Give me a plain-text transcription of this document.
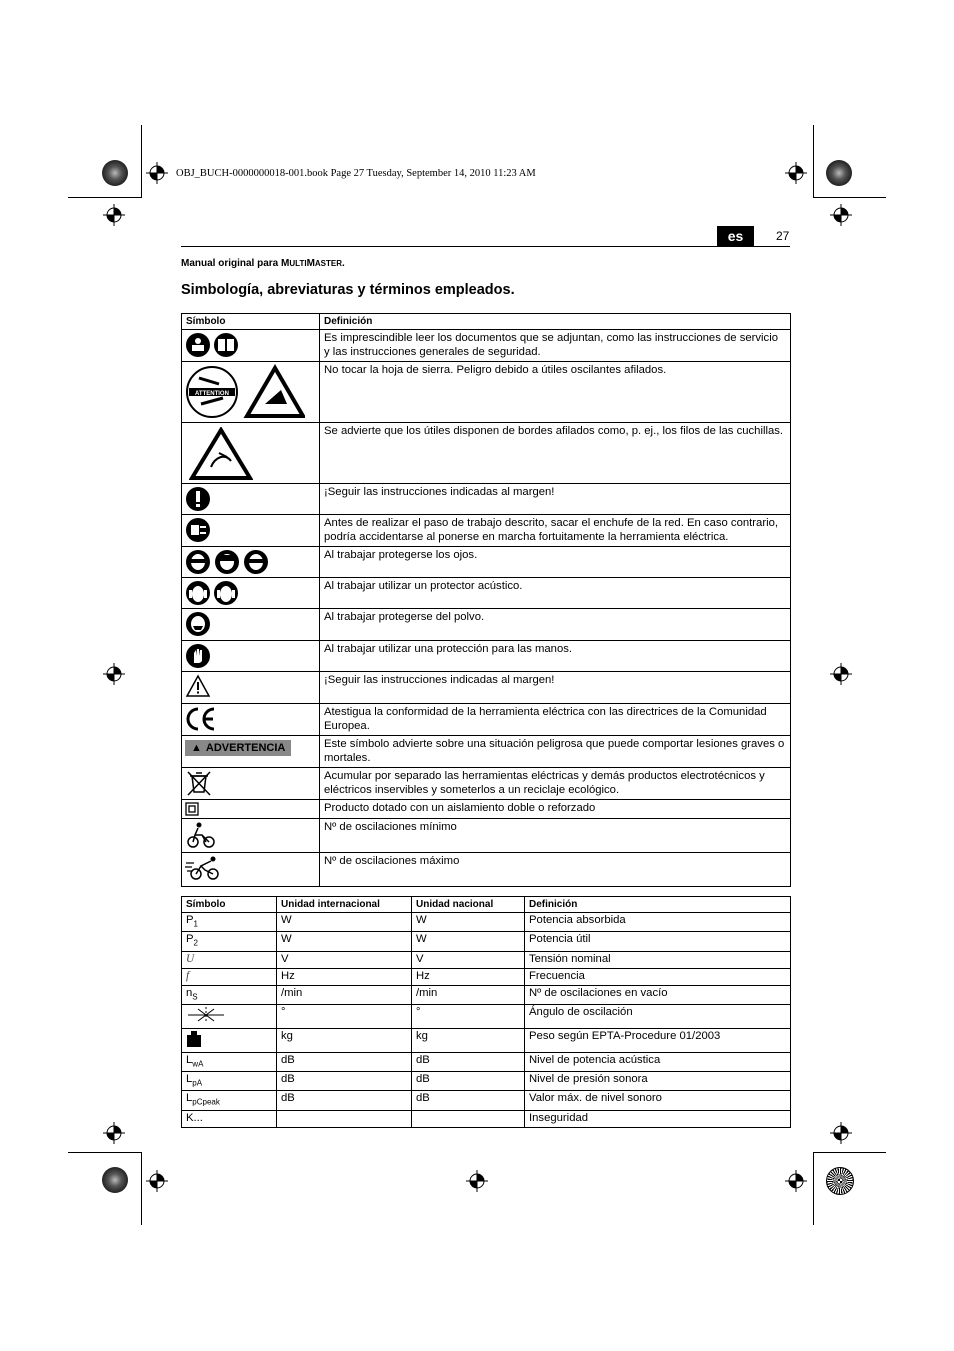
OBJ_BUCH-0000000018-001.book Page 27 Tuesday, September 14, 2010 11:23 AM
es	27
Manual original para MULTIMASTER.
Simbología, abreviaturas y términos empleados.
Símbolo	Definición
	Es imprescindible leer los documentos que se adjuntan, como las instrucciones de servicio y las instrucciones generales de seguridad.

ATTENTION	No tocar la hoja de sierra. Peligro debido a útiles oscilantes afilados.
	Se advierte que los útiles disponen de bordes afilados como, p. ej., los filos de las cuchillas.
	¡Seguir las instrucciones indicadas al margen!
	Antes de realizar el paso de trabajo descrito, sacar el enchufe de la red. En caso contrario, podría accidentarse al ponerse en marcha fortuitamente la herramienta eléctrica.
	Al trabajar protegerse los ojos.
	Al trabajar utilizar un protector acústico.
	Al trabajar protegerse del polvo.
	Al trabajar utilizar una protección para las manos.
	¡Seguir las instrucciones indicadas al margen!
	Atestigua la conformidad de la herramienta eléctrica con las directrices de la Comunidad Europea.
▲ ADVERTENCIA	Este símbolo advierte sobre una situación peligrosa que puede comportar lesiones graves o mortales.
	Acumular por separado las herramientas eléctricas y demás productos electrotécnicos y eléctricos inservibles y someterlos a un reciclaje ecológico.
	Producto dotado con un aislamiento doble o reforzado
	Nº de oscilaciones mínimo
	Nº de oscilaciones máximo
Símbolo	Unidad internacional	Unidad nacional	Definición
$P_1$	W	W	Potencia absorbida
$P_2$	W	W	Potencia útil
U	V	V	Tensión nominal
f	Hz	Hz	Frecuencia
$n_S$	/min	/min	Nº de oscilaciones en vacío
	°	°	Ángulo de oscilación
	kg	kg	Peso según EPTA-Procedure 01/2003
$L_{wA}$	dB	dB	Nivel de potencia acústica
$L_{pA}$	dB	dB	Nivel de presión sonora
$L_{pCpeak}$	dB	dB	Valor máx. de nivel sonoro
K...			Inseguridad
